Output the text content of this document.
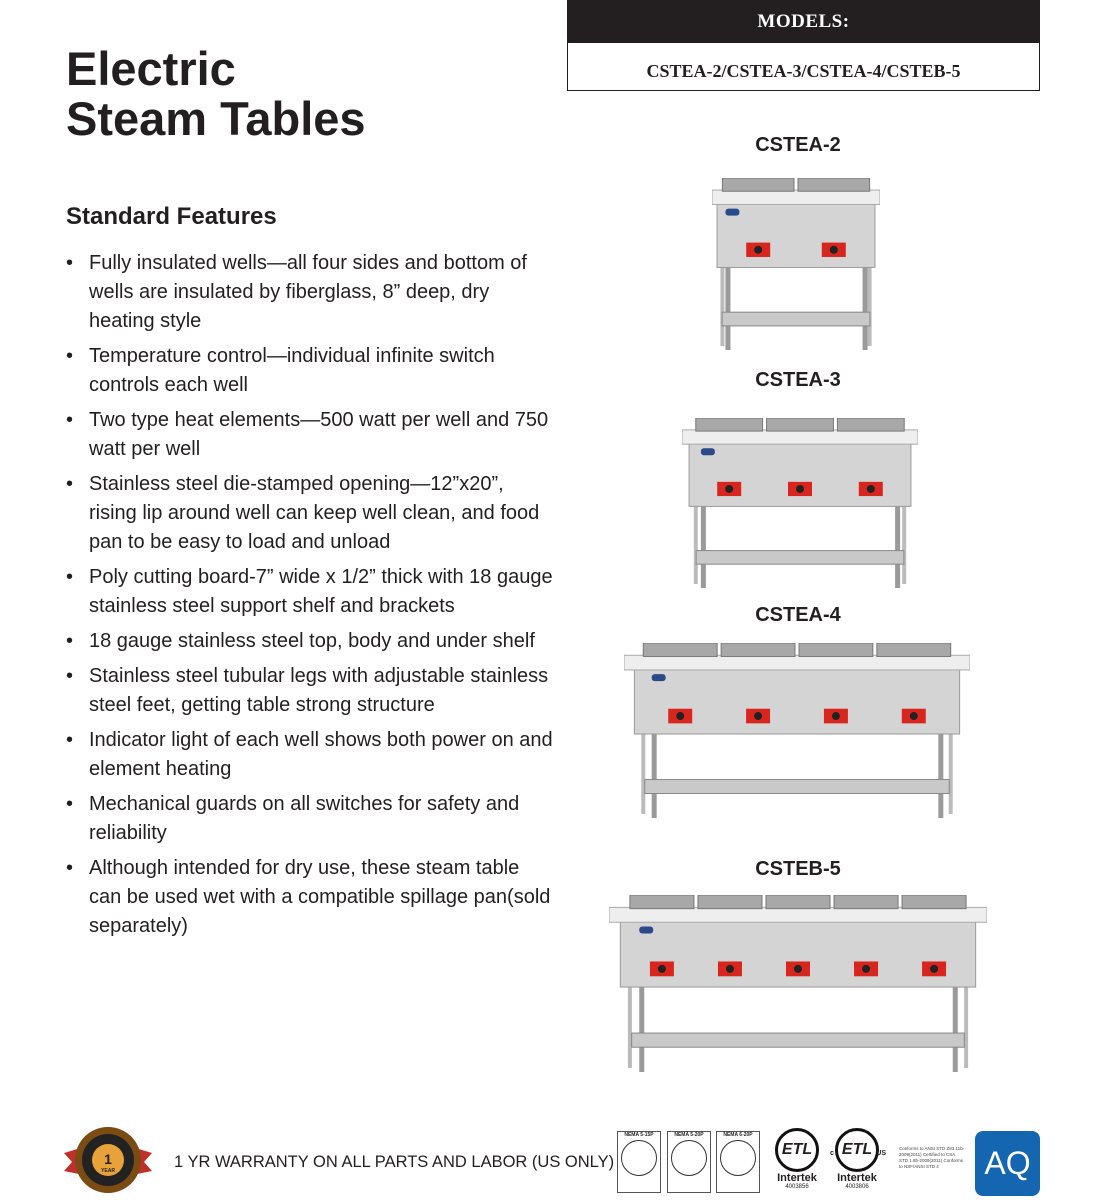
Electric
Steam Tables
Standard Features
• Fully insulated wells—all four sides and bottom of wells are insulated by fiberglass, 8” deep, dry heating style
• Temperature control—individual infinite switch controls each well
• Two type heat elements—500 watt per well and 750 watt per well
• Stainless steel die-stamped opening—12”x20”, rising lip around well can keep well clean, and food pan to be easy to load and unload
• Poly cutting board-7” wide x 1/2” thick with 18 gauge stainless steel support shelf and brackets
• 18 gauge stainless steel top, body and under shelf
• Stainless steel tubular legs with adjustable stainless steel feet, getting table strong structure
• Indicator light of each well shows both power on and element heating
• Mechanical guards on all switches for safety and reliability
• Although intended for dry use, these steam table can be used wet with a compatible spillage pan(sold separately)
MODELS:
CSTEA-2/CSTEA-3/CSTEA-4/CSTEB-5
CSTEA-2
CSTEA-3
CSTEA-4
CSTEB-5
1
YEAR	1 YR WARRANTY ON ALL PARTS AND LABOR (US ONLY)
NEMA 5-15P	NEMA 5-20P	NEMA 6-20P
ETL
Intertek
4003856
c	US
ETL
Intertek
4003806
Conforms to ANSI STD Z83.11b-2009(2011) Certified to CSA STD 1.8b-2009(2011) Conforms to NSF/ANSI STD 4	AQ
